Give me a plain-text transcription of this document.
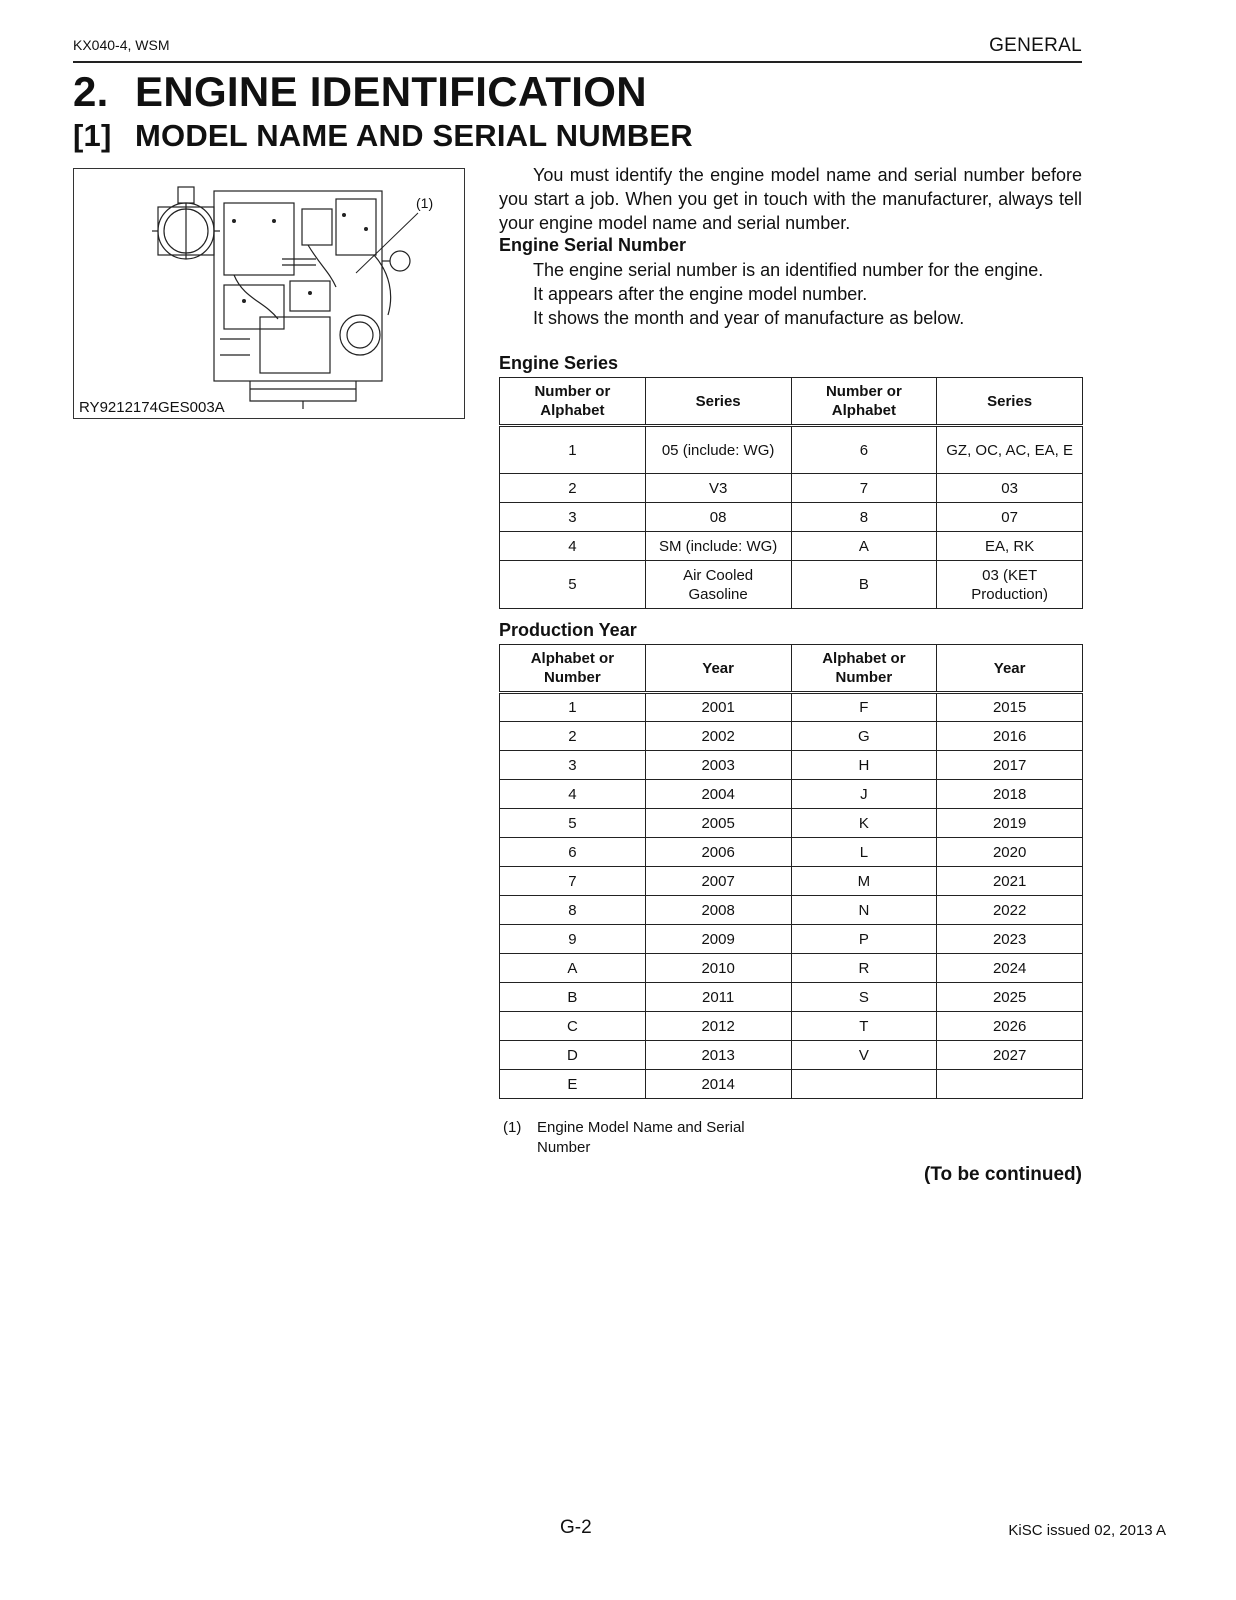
KX040-4, WSM	GENERAL
2. ENGINE IDENTIFICATION
[1] MODEL NAME AND SERIAL NUMBER
(1)
RY9212174GES003A
You must identify the engine model name and serial number before you start a job. When you get in touch with the manufacturer, always tell your engine model name and serial number.
Engine Serial Number
The engine serial number is an identified number for the engine.
It appears after the engine model number.
It shows the month and year of manufacture as below.
Engine Series
Number or Alphabet	Series	Number or Alphabet	Series
1	05 (include: WG)	6	GZ, OC, AC, EA, E
2	V3	7	03
3	08	8	07
4	SM (include: WG)	A	EA, RK
5	Air Cooled Gasoline	B	03 (KET Production)
Production Year
Alphabet or Number	Year	Alphabet or Number	Year
1	2001	F	2015
2	2002	G	2016
3	2003	H	2017
4	2004	J	2018
5	2005	K	2019
6	2006	L	2020
7	2007	M	2021
8	2008	N	2022
9	2009	P	2023
A	2010	R	2024
B	2011	S	2025
C	2012	T	2026
D	2013	V	2027
E	2014		
(1) Engine Model Name and Serial Number
(To be continued)
G-2	KiSC issued 02, 2013 A
